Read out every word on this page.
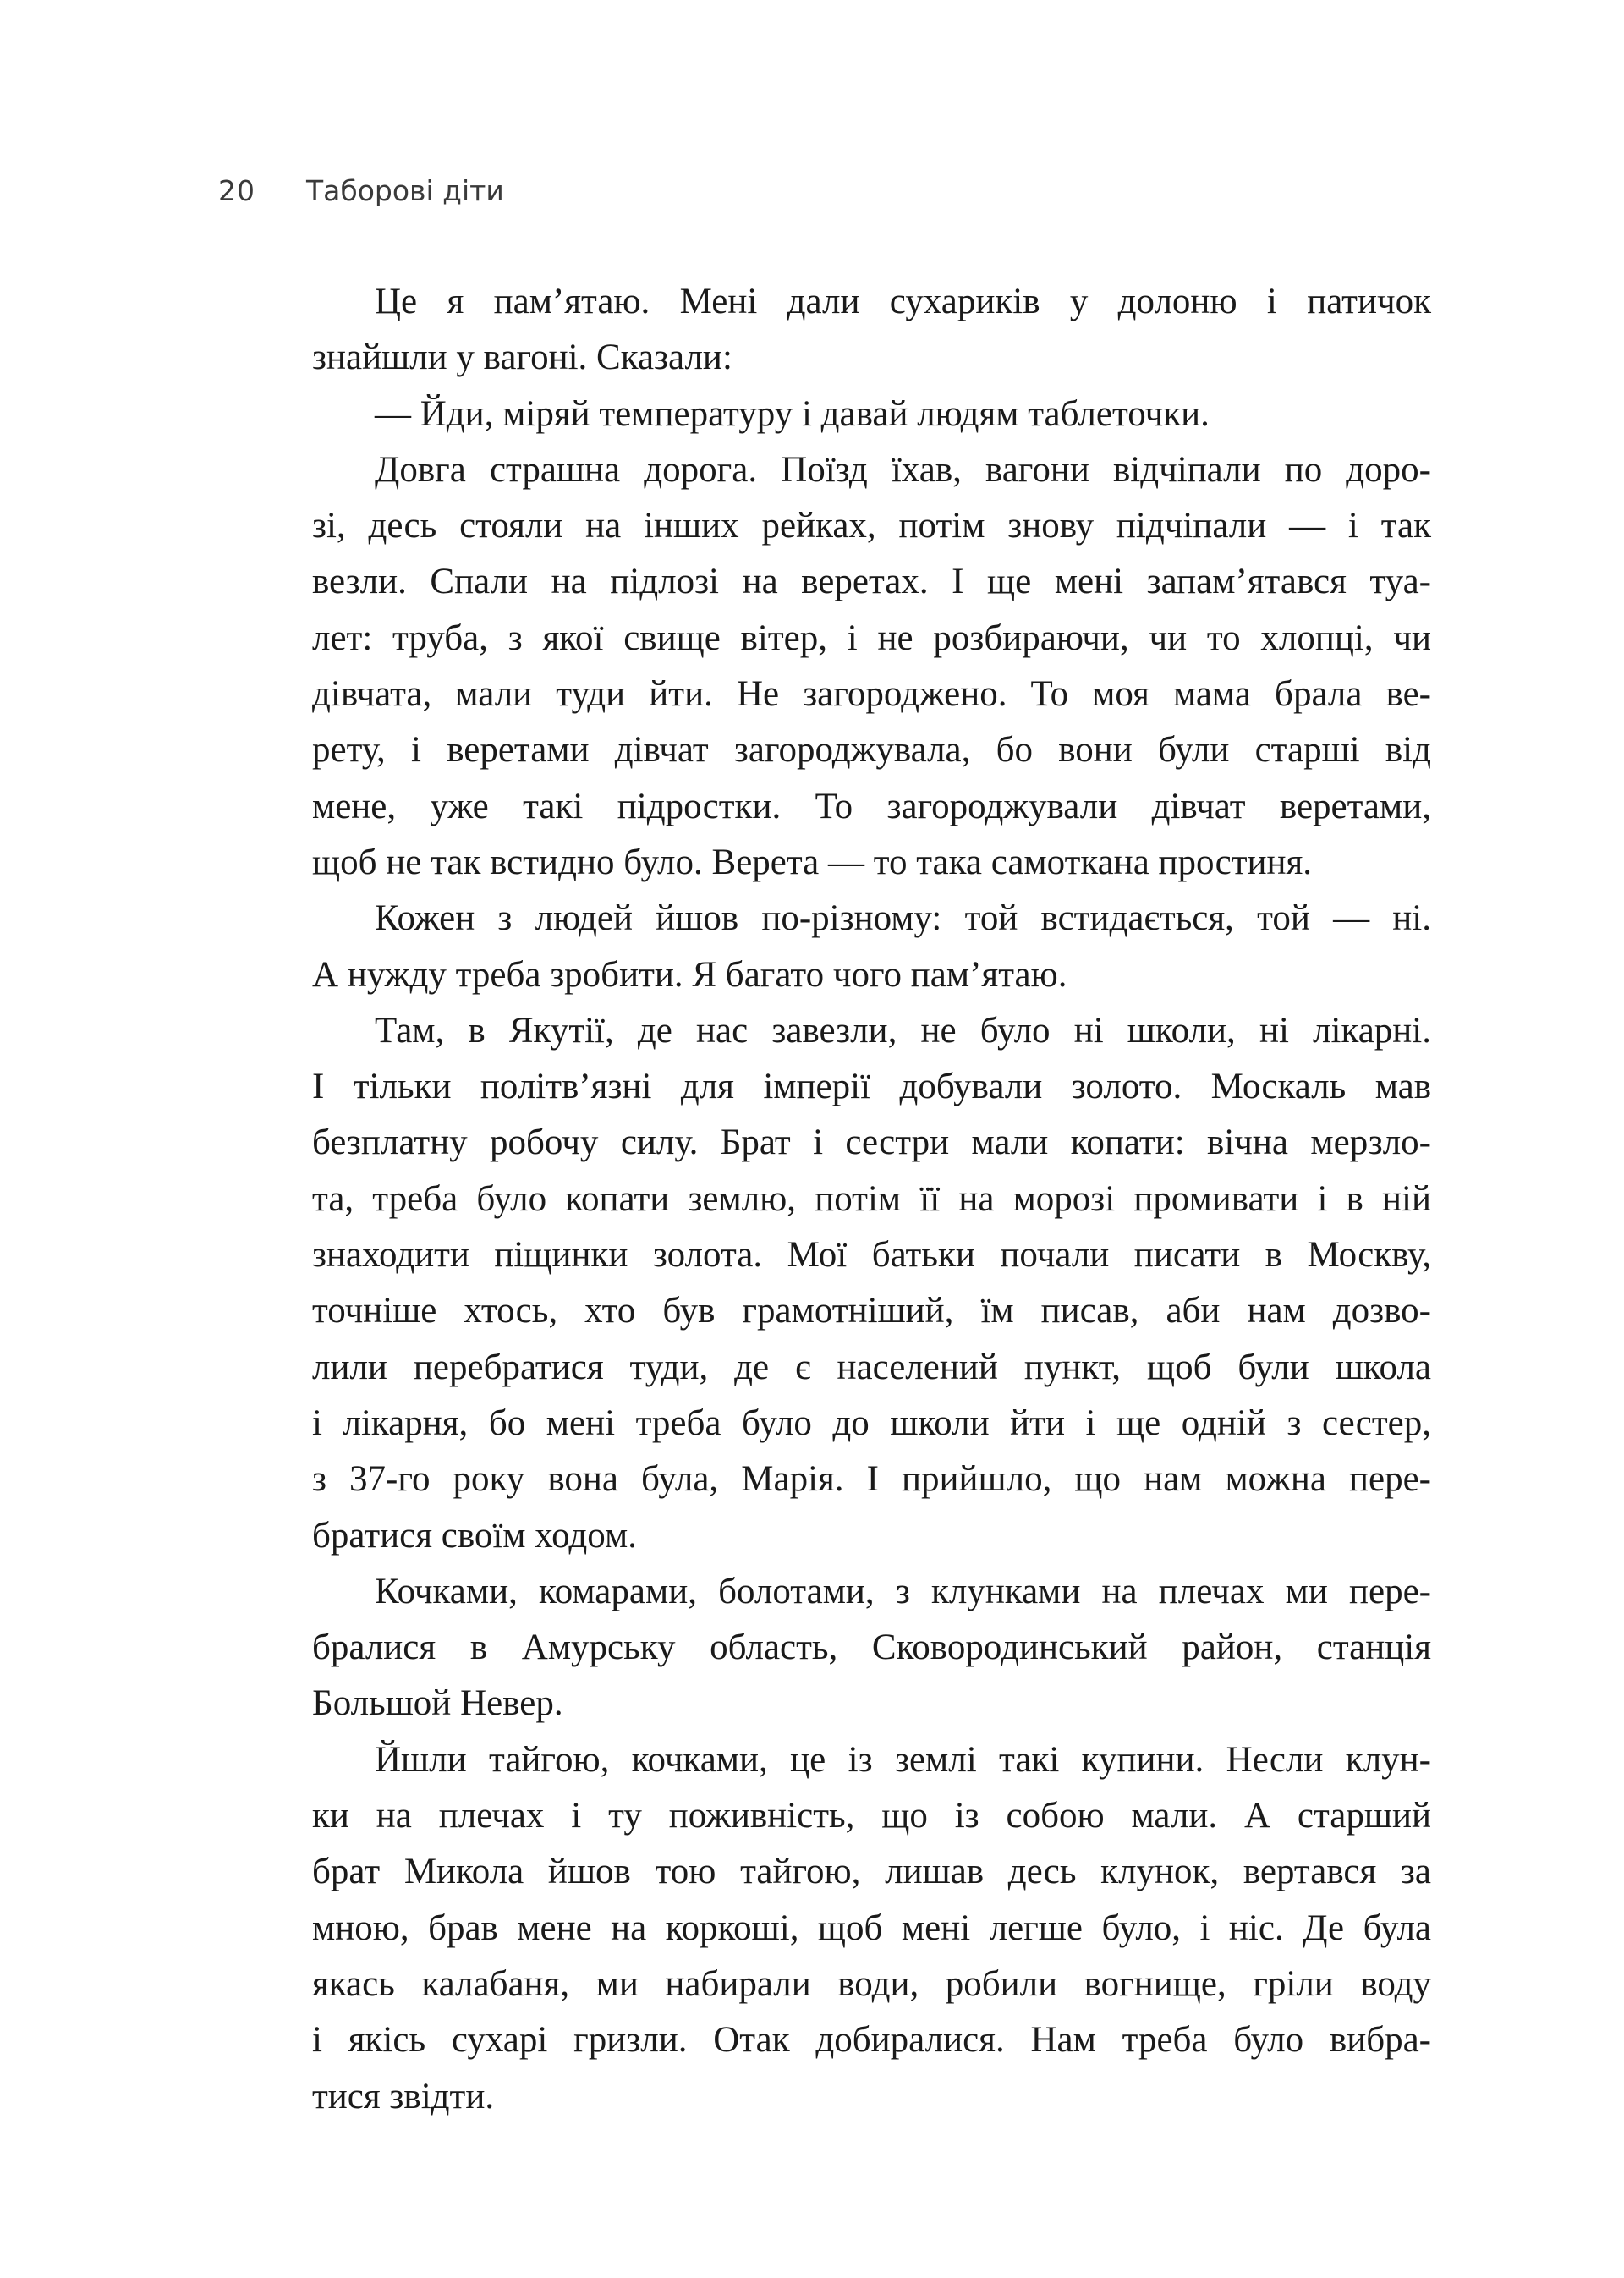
20 Таборові діти
Це я пам’ятаю. Мені дали сухариків у долоню і патичок
знайшли у вагоні. Сказали:
— Йди, міряй температуру і давай людям таблеточки.
Довга страшна дорога. Поїзд їхав, вагони відчіпали по доро-
зі, десь стояли на інших рейках, потім знову підчіпали — і так
везли. Спали на підлозі на веретах. І ще мені запам’ятався туа-
лет: труба, з якої свище вітер, і не розбираючи, чи то хлопці, чи
дівчата, мали туди йти. Не загороджено. То моя мама брала ве-
рету, і веретами дівчат загороджувала, бо вони були старші від
мене, уже такі підростки. То загороджували дівчат веретами,
щоб не так встидно було. Верета — то така самоткана простиня.
Кожен з людей йшов по-різному: той встидається, той — ні.
А нужду треба зробити. Я багато чого пам’ятаю.
Там, в Якутії, де нас завезли, не було ні школи, ні лікарні.
І тільки політв’язні для імперії добували золото. Москаль мав
безплатну робочу силу. Брат і сестри мали копати: вічна мерзло-
та, треба було копати землю, потім її на морозі промивати і в ній
знаходити піщинки золота. Мої батьки почали писати в Москву,
точніше хтось, хто був грамотніший, їм писав, аби нам дозво-
лили перебратися туди, де є населений пункт, щоб були школа
і лікарня, бо мені треба було до школи йти і ще одній з сестер,
з 37-го року вона була, Марія. І прийшло, що нам можна пере-
братися своїм ходом.
Кочками, комарами, болотами, з клунками на плечах ми пере-
бралися в Амурську область, Сковородинський район, станція
Большой Невер.
Йшли тайгою, кочками, це із землі такі купини. Несли клун-
ки на плечах і ту поживність, що із собою мали. А старший
брат Микола йшов тою тайгою, лишав десь клунок, вертався за
мною, брав мене на коркоші, щоб мені легше було, і ніс. Де була
якась калабаня, ми набирали води, робили вогнище, гріли воду
і якісь сухарі гризли. Отак добиралися. Нам треба було вибра-
тися звідти.
